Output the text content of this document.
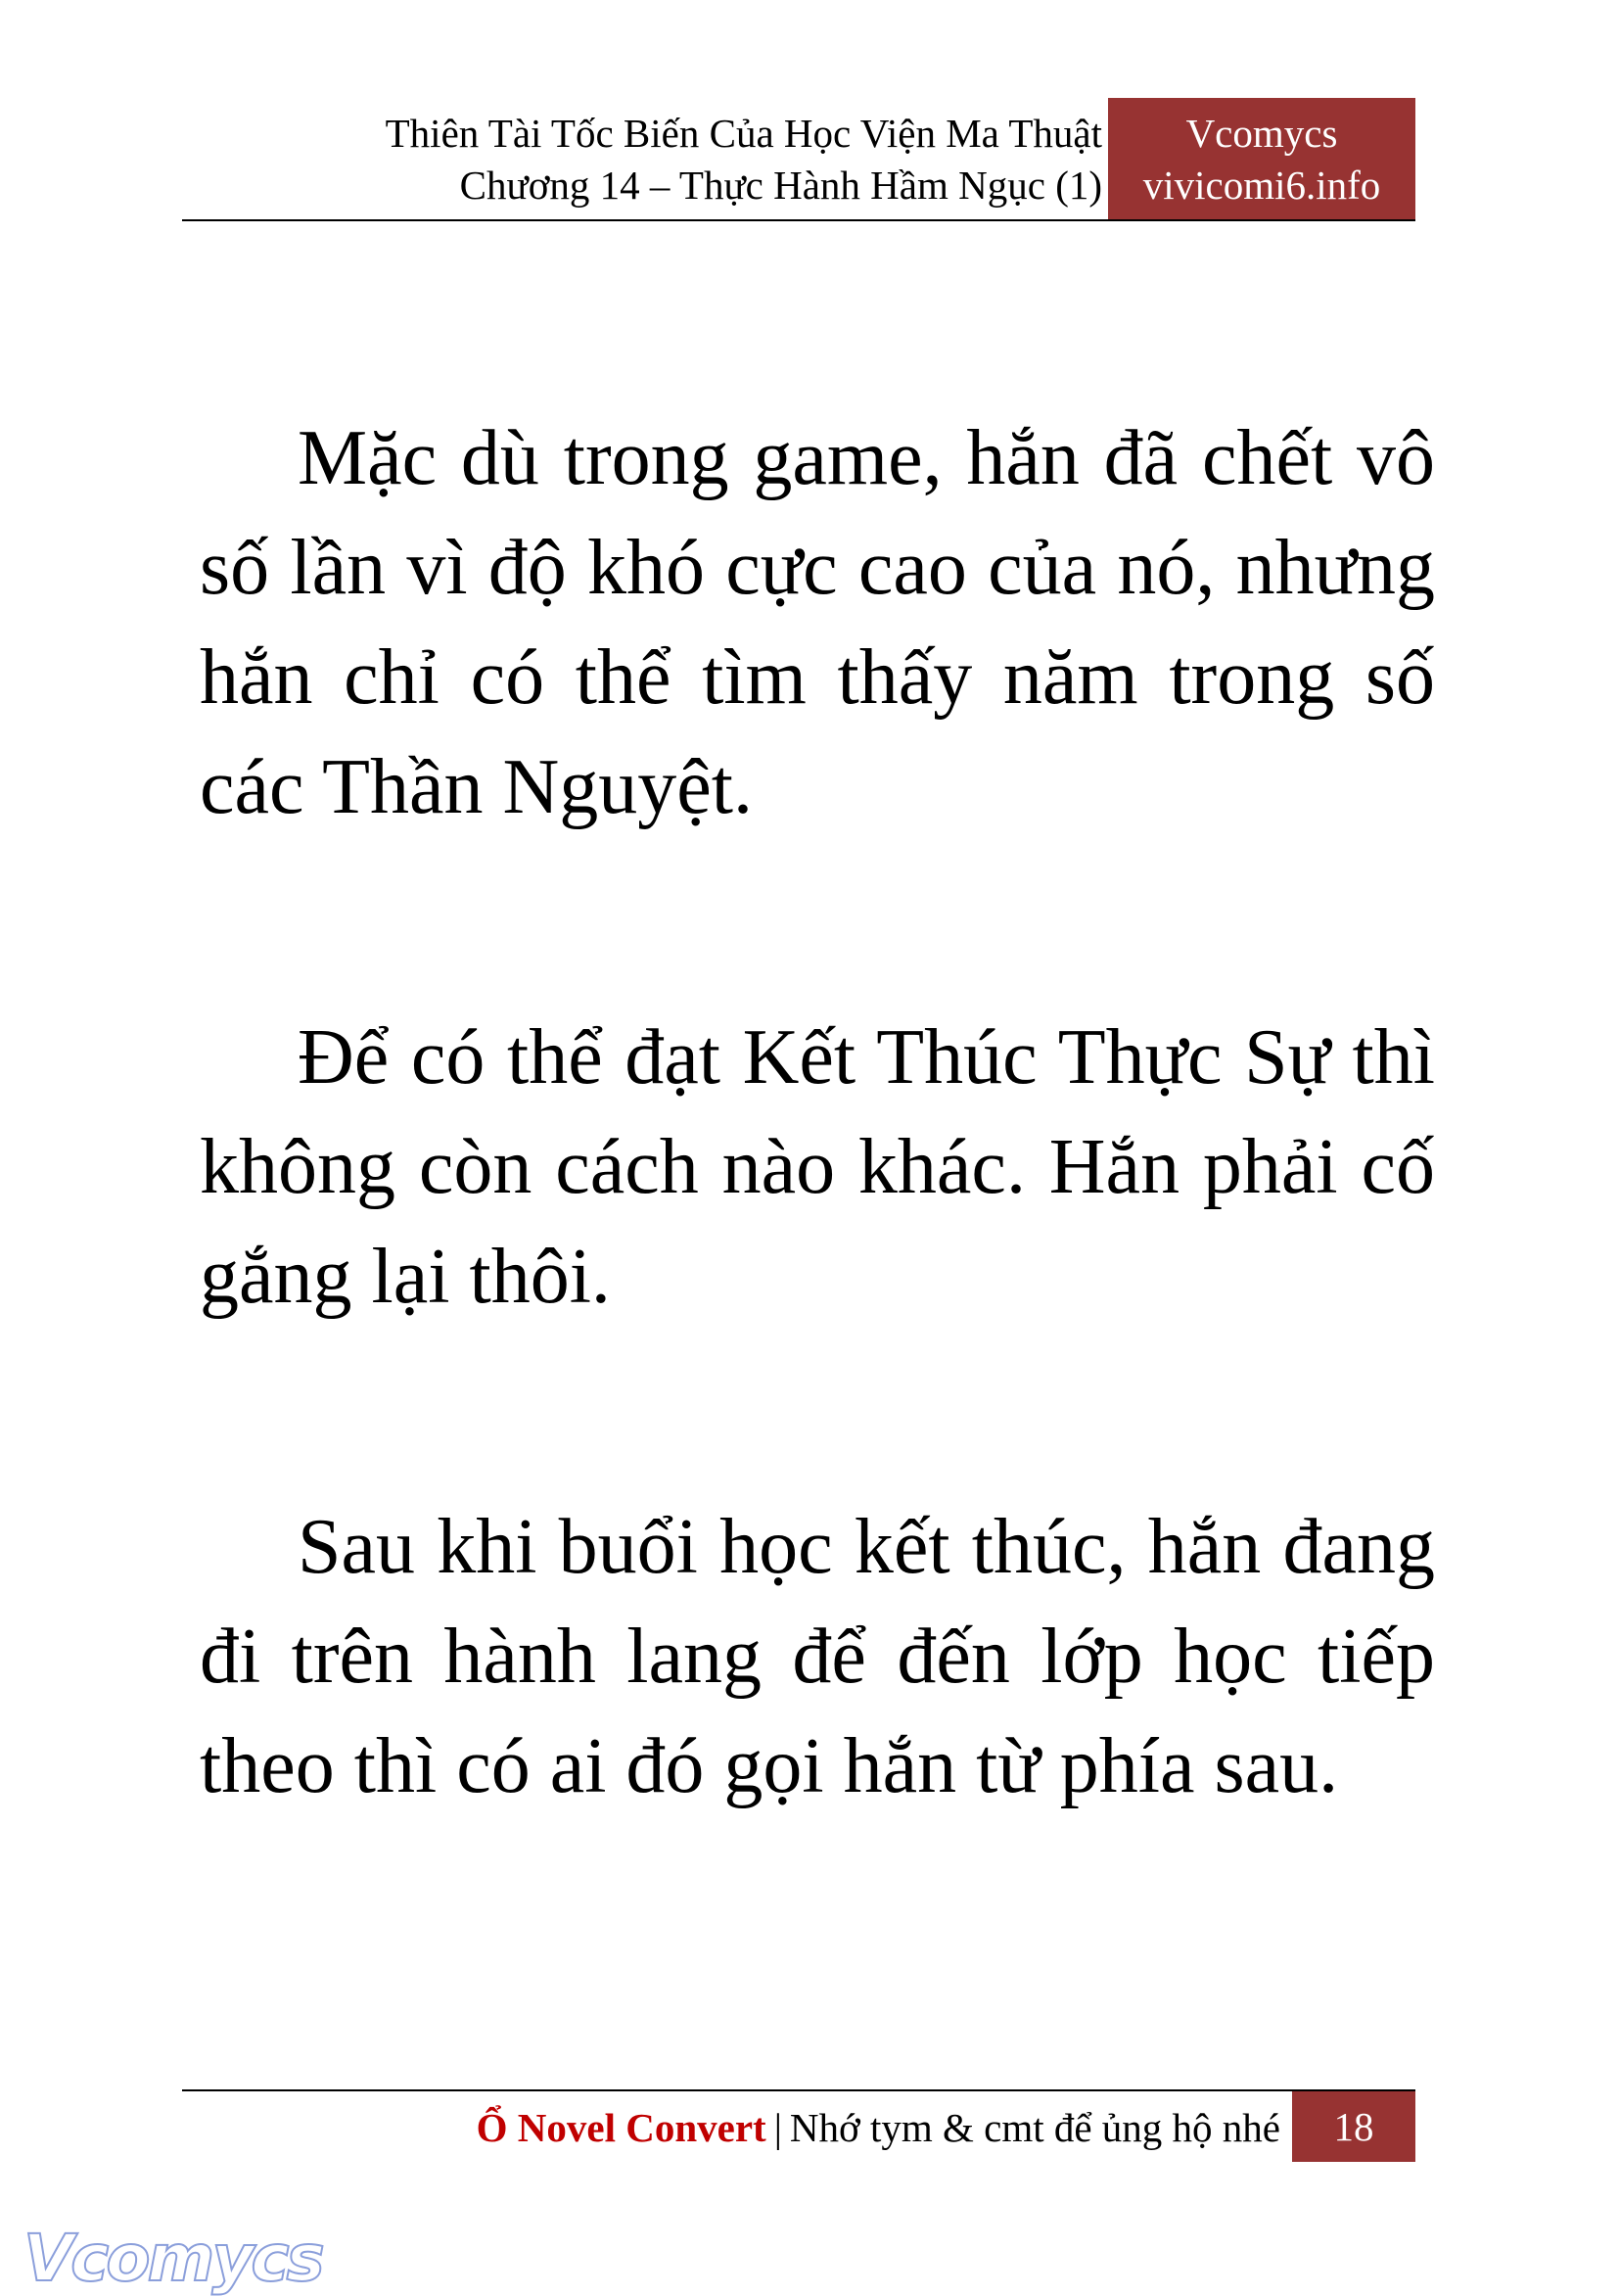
Thiên Tài Tốc Biến Của Học Viện Ma Thuật
Chương 14 – Thực Hành Hầm Ngục (1)
Vcomycs
vivicomi6.info

Mặc dù trong game, hắn đã chết vô số lần vì độ khó cực cao của nó, nhưng hắn chỉ có thể tìm thấy năm trong số các Thần Nguyệt.

Để có thể đạt Kết Thúc Thực Sự thì không còn cách nào khác. Hắn phải cố gắng lại thôi.

Sau khi buổi học kết thúc, hắn đang đi trên hành lang để đến lớp học tiếp theo thì có ai đó gọi hắn từ phía sau.

Ổ Novel Convert | Nhớ tym & cmt để ủng hộ nhé	18
Vcomycs
